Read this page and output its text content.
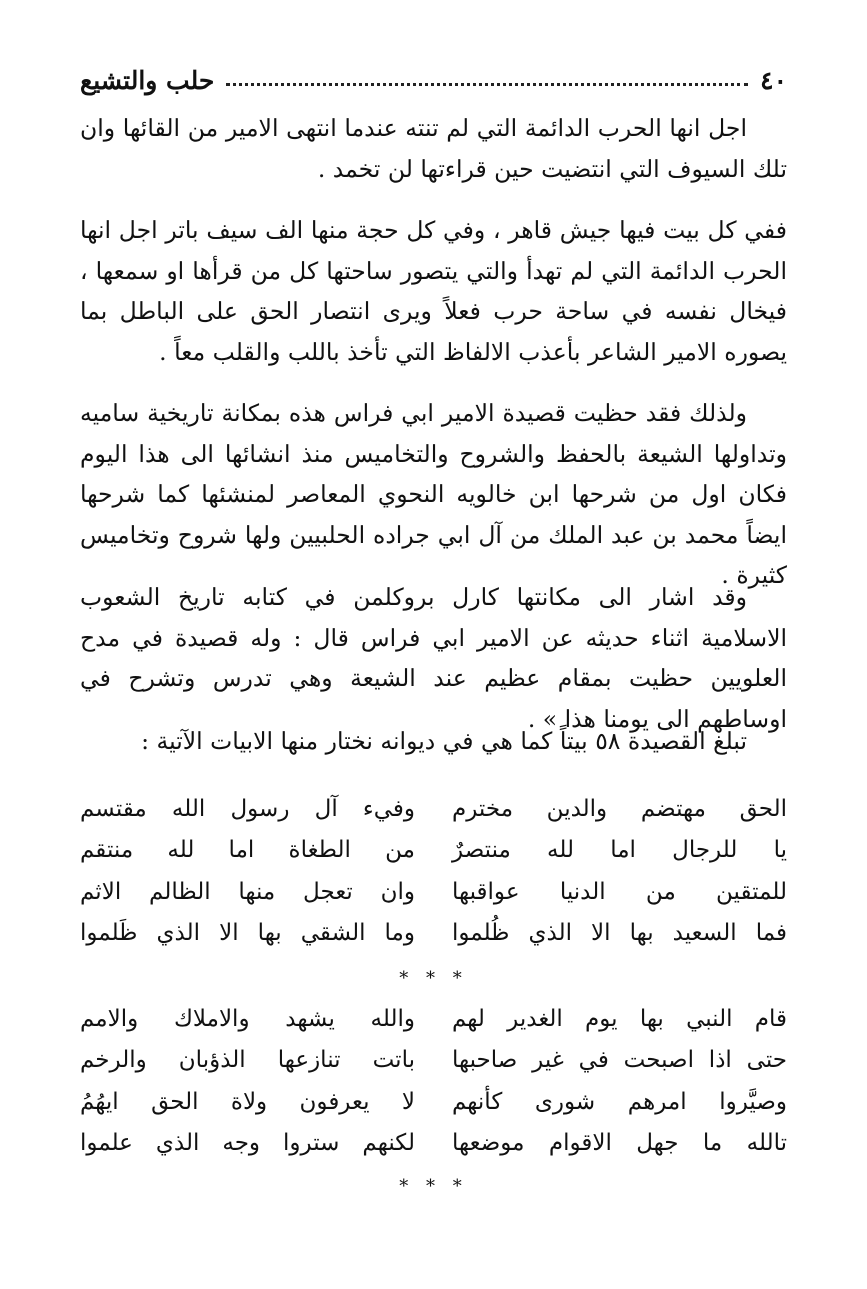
٤٠
حلب والتشيع

اجل انها الحرب الدائمة التي لم تنته عندما انتهى الامير من القائها وان تلك السيوف التي انتضيت حين قراءتها لن تخمد .

ففي كل بيت فيها جيش قاهر ، وفي كل حجة منها الف سيف باتر اجل انها الحرب الدائمة التي لم تهدأ والتي يتصور ساحتها كل من قرأها او سمعها ، فيخال نفسه في ساحة حرب فعلاً ويرى انتصار الحق على الباطل بما يصوره الامير الشاعر بأعذب الالفاظ التي تأخذ باللب والقلب معاً .

ولذلك فقد حظيت قصيدة الامير ابي فراس هذه بمكانة تاريخية ساميه وتداولها الشيعة بالحفظ والشروح والتخاميس منذ انشائها الى هذا اليوم فكان اول من شرحها ابن خالويه النحوي المعاصر لمنشئها كما شرحها ايضاً محمد بن عبد الملك من آل ابي جراده الحلبيين ولها شروح وتخاميس كثيرة .

وقد اشار الى مكانتها كارل بروكلمن في كتابه تاريخ الشعوب الاسلامية اثناء حديثه عن الامير ابي فراس قال : وله قصيدة في مدح العلويين حظيت بمقام عظيم عند الشيعة وهي تدرس وتشرح في اوساطهم الى يومنا هذا » .

تبلغ القصيدة ٥٨ بيتاً كما هي في ديوانه نختار منها الابيات الآتية :

الحق مهتضم والدين مخترم
وفيء آل رسول الله مقتسم
يا للرجال اما لله منتصرٌ
من الطغاة اما لله منتقم
للمتقين من الدنيا عواقبها
وان تعجل منها الظالم الاثم
فما السعيد بها الا الذي ظُلموا
وما الشقي بها الا الذي ظَلموا
* * *
قام النبي بها يوم الغدير لهم
والله يشهد والاملاك والامم
حتى اذا اصبحت في غير صاحبها
باتت تنازعها الذؤبان والرخم
وصيَّروا امرهم شورى كأنهم
لا يعرفون ولاة الحق ايهُمُ
تالله ما جهل الاقوام موضعها
لكنهم ستروا وجه الذي علموا
* * *
